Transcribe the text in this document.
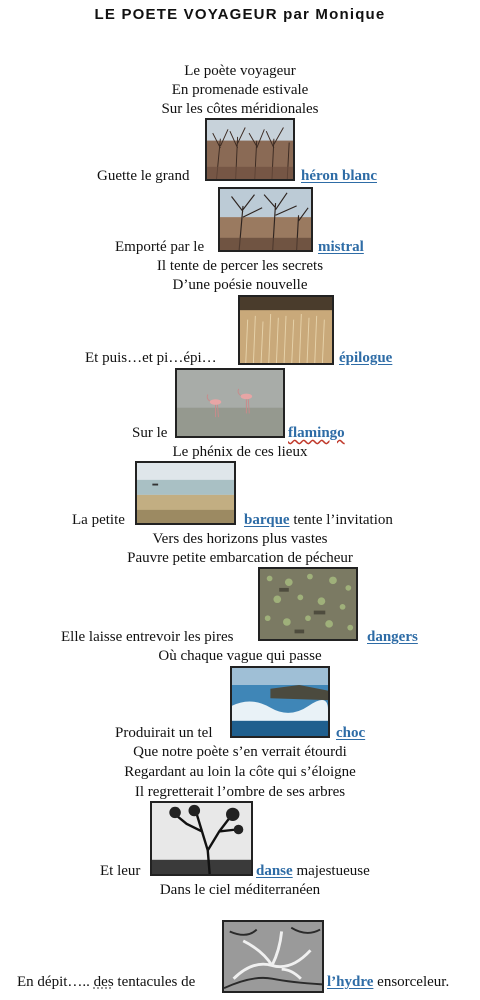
LE POETE VOYAGEUR par Monique
Le poète voyageur
En promenade estivale
Sur les côtes méridionales
Guette le grand	héron blanc
Emporté par le	mistral
Il tente de percer les secrets
D’une poésie nouvelle
Et puis…et pi…épi…	épilogue
Sur le	flamingo
Le phénix de ces lieux
La petite	barque tente l’invitation
Vers des horizons plus vastes
Pauvre petite embarcation de pécheur
Elle laisse entrevoir les pires	dangers
Où chaque vague qui passe
Produirait un tel	choc
Que notre poète s’en verrait étourdi
Regardant au loin la côte qui s’éloigne
Il regretterait l’ombre de ses arbres
Et leur	danse majestueuse
Dans le ciel méditerranéen
En dépit….. des tentacules de	l’hydre ensorceleur.
